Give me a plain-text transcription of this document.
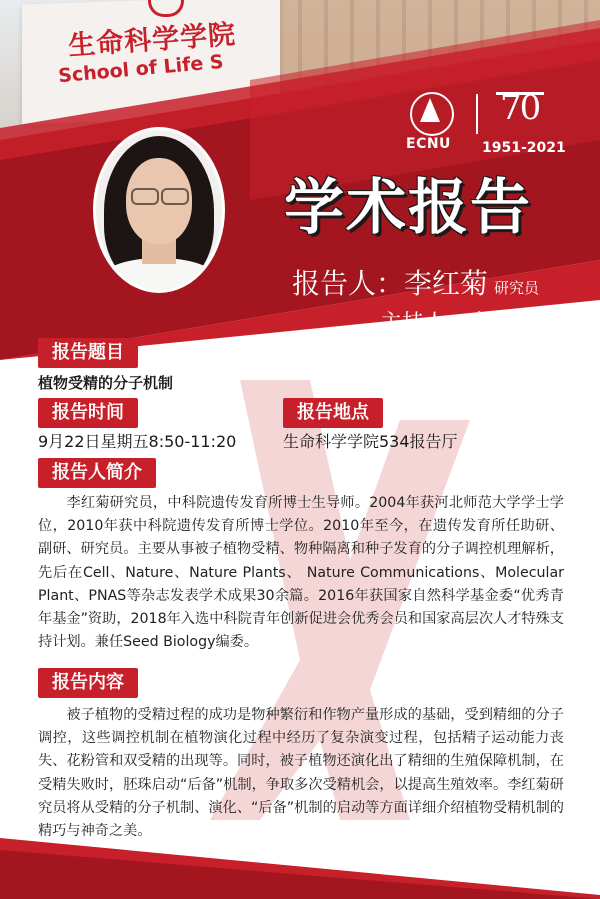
生命科学学院
School of Life S
ECNU
70
1951-2021
学术报告
报告人：李红菊 研究员
主持人：李超 研究员
报告题目
植物受精的分子机制
报告时间
9月22日星期五8:50-11:20
报告地点
生命科学学院534报告厅
报告人简介
李红菊研究员，中科院遗传发育所博士生导师。2004年获河北师范大学学士学位，2010年获中科院遗传发育所博士学位。2010年至今，在遗传发育所任助研、副研、研究员。主要从事被子植物受精、物种隔离和种子发育的分子调控机理解析，先后在Cell、Nature、Nature Plants、 Nature Communications、Molecular Plant、PNAS等杂志发表学术成果30余篇。2016年获国家自然科学基金委“优秀青年基金”资助，2018年入选中科院青年创新促进会优秀会员和国家高层次人才特殊支持计划。兼任Seed Biology编委。
报告内容
被子植物的受精过程的成功是物种繁衍和作物产量形成的基础，受到精细的分子调控，这些调控机制在植物演化过程中经历了复杂演变过程，包括精子运动能力丧失、花粉管和双受精的出现等。同时，被子植物还演化出了精细的生殖保障机制，在受精失败时，胚珠启动“后备”机制，争取多次受精机会，以提高生殖效率。李红菊研究员将从受精的分子机制、演化、“后备”机制的启动等方面详细介绍植物受精机制的精巧与神奇之美。
